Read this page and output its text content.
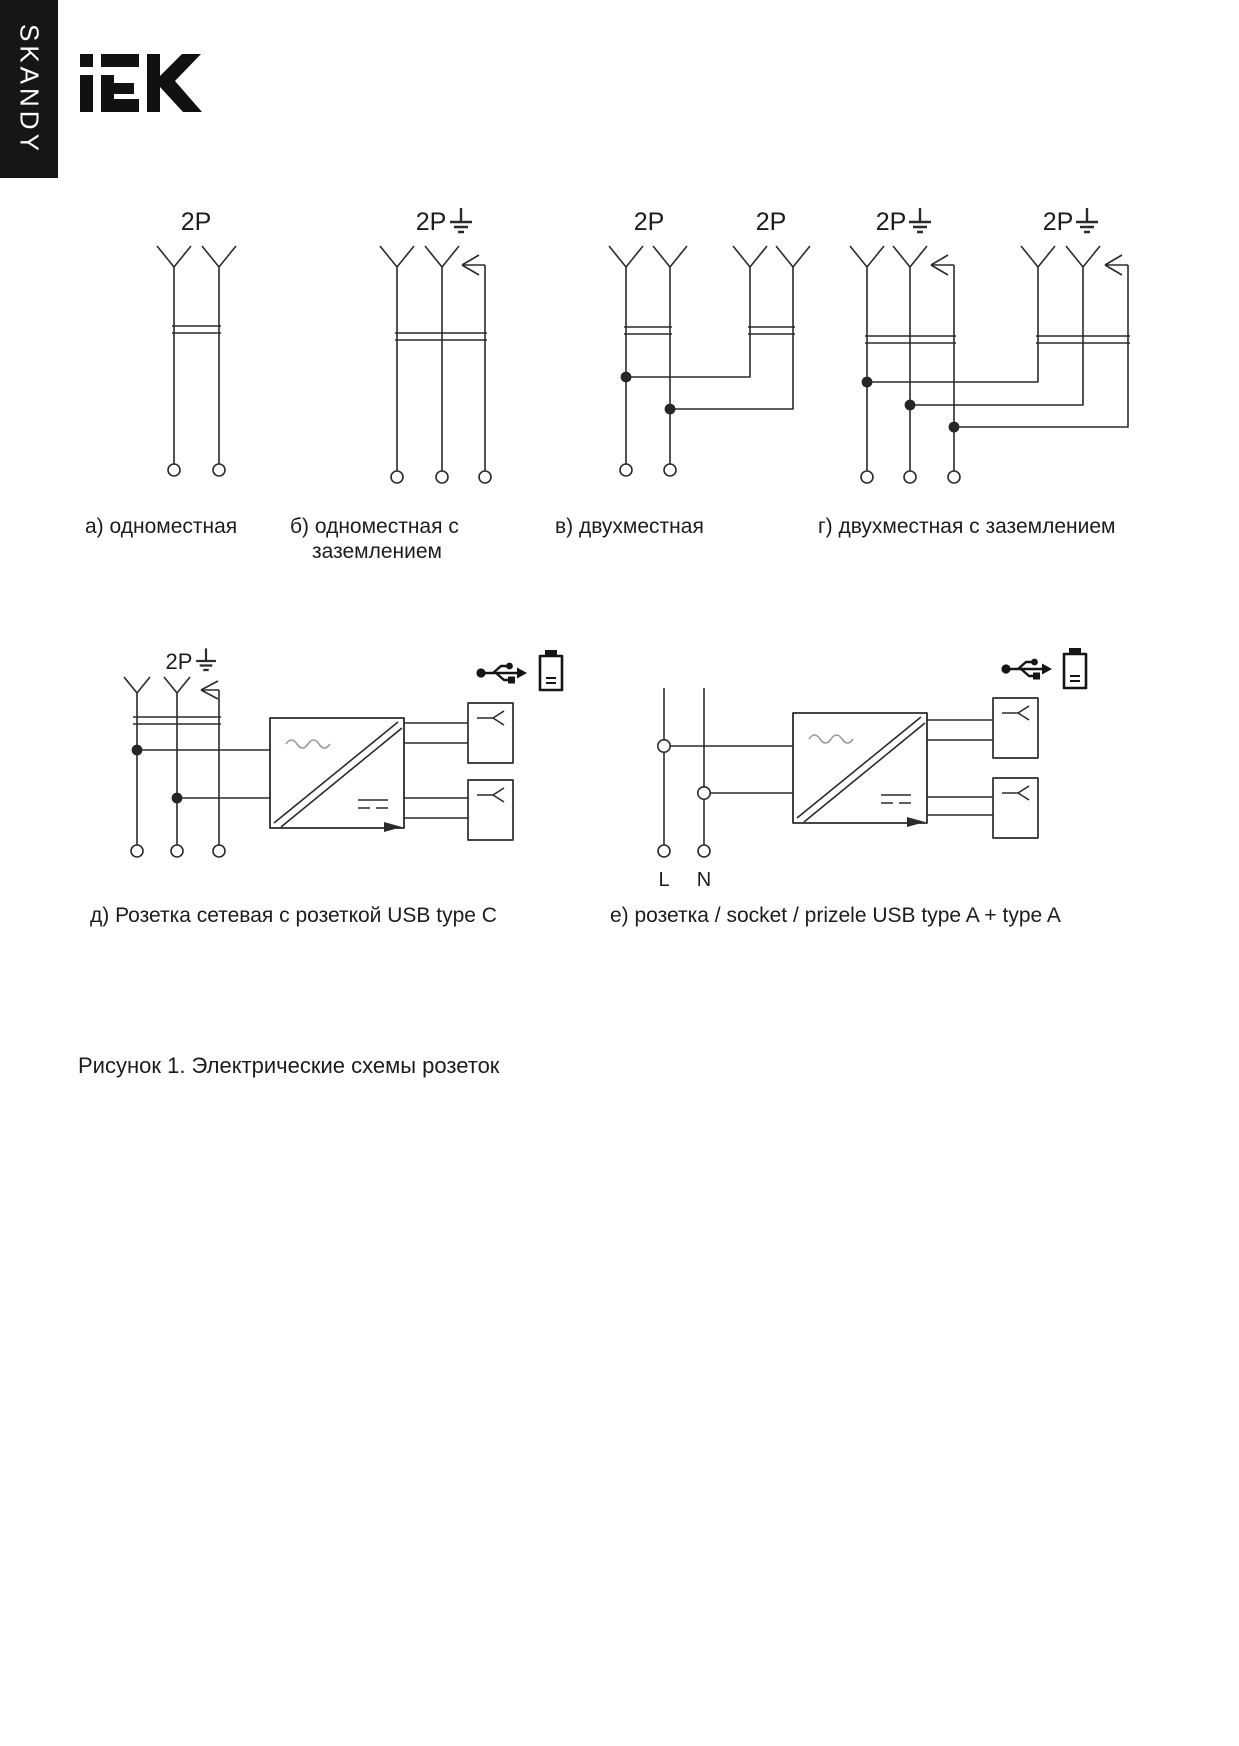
SKANDY
2P	2P	2P	2P	2P	2P
2P
L N
а) одноместная	б) одноместная с
заземлением
в) двухместная	г) двухместная с заземлением
д) Розетка сетевая с розеткой USB type C	е) розетка / socket / prizele USB type A + type A
Рисунок 1. Электрические схемы розеток
